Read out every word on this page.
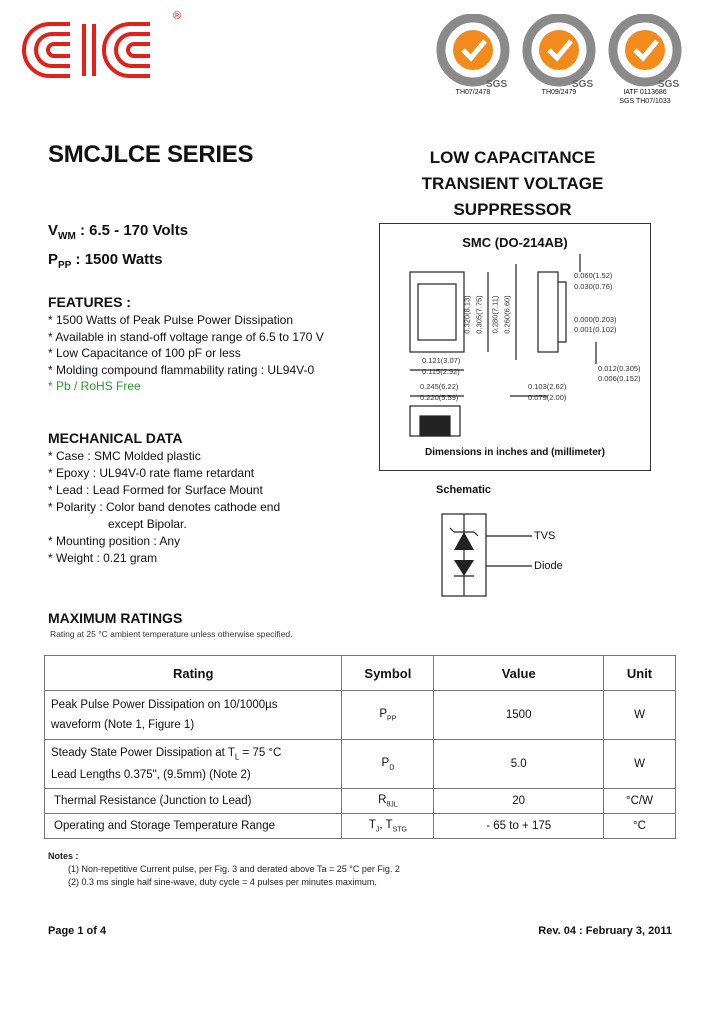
®
SGS
TH07/2478
SGS
TH09/2479
SGS
IATF 0113686
SGS TH07/1033
SMCJLCE SERIES	LOW CAPACITANCE
TRANSIENT VOLTAGE
SUPPRESSOR
$V_{WM}$ : 6.5 - 170 Volts
$P_{PP}$ : 1500 Watts
FEATURES :
* 1500 Watts of Peak Pulse Power Dissipation
* Available in stand-off voltage range of 6.5 to 170 V
* Low Capacitance of 100 pF or less
* Molding compound flammability rating : UL94V-0
* Pb / RoHS Free
MECHANICAL DATA
* Case : SMC Molded plastic
* Epoxy : UL94V-0 rate flame retardant
* Lead : Lead Formed for Surface Mount
* Polarity : Color band denotes cathode end
except Bipolar.
* Mounting position : Any
* Weight : 0.21 gram
SMC (DO-214AB)
0.060(1.52)
0.030(0.76)
0.000(0.203)
0.001(0.102)
0.012(0.305)
0.006(0.152)
0.121(3.07)
0.115(2.92)
0.245(6.22)
0.220(5.59)
0.103(2.62)
0.079(2.00)
0.320(8.13) 0.305(7.75) 0.280(7.11) 0.260(6.60)
Dimensions in inches and (millimeter)
Schematic
TVS
Diode
MAXIMUM RATINGS
Rating at 25 °C ambient temperature unless otherwise specified.
Rating	Symbol	Value	Unit

Peak Pulse Power Dissipation on 10/1000µs
waveform (Note 1, Figure 1)	$P_{PP}$	1500	W

Steady State Power Dissipation at $T_L = 75$ °C
Lead Lengths 0.375", (9.5mm) (Note 2)	$P_D$	5.0	W
Thermal Resistance (Junction to Lead)	$R_{\theta JL}$	20	°C/W
Operating and Storage Temperature Range	$T_J$, $T_{STG}$	- 65 to + 175	°C
Notes :
(1) Non-repetitive Current pulse, per Fig. 3 and derated above Ta = 25 °C per Fig. 2
(2) 0.3 ms single half sine-wave, duty cycle = 4 pulses per minutes maximum.
Page 1 of 4	Rev. 04 : February 3, 2011
